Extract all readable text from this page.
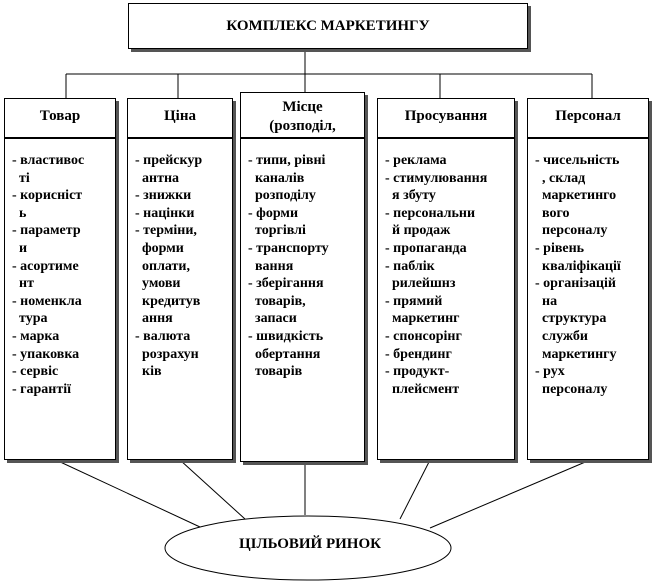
КОМПЛЕКС МАРКЕТИНГУ
Товар	Ціна
Місце
(розподіл,
Просування	Персонал
- властивос
ті
- корисніст
ь
- параметр
и
- асортиме
нт
- номенкла
тура
- марка
- упаковка
- сервіс
- гарантії
- прейскур
антна
- знижки
- націнки
- терміни,
форми
оплати,
умови
кредитув
ання
- валюта
розрахун
ків
- типи, рівні
каналів
розподілу
- форми
торгівлі
- транспорту
вання
- зберігання
товарів,
запаси
- швидкість
обертання
товарів
- реклама
- стимулювання
я збуту
- персональни
й продаж
- пропаганда
- паблік
рилейшнз
- прямий
маркетинг
- спонсорінг
- брендинг
- продукт-
плейсмент
- чисельність
, склад
маркетинго
вого
персоналу
- рівень
кваліфікації
- організацій
на
структура
служби
маркетингу
- рух
персоналу
ЦІЛЬОВИЙ РИНОК
